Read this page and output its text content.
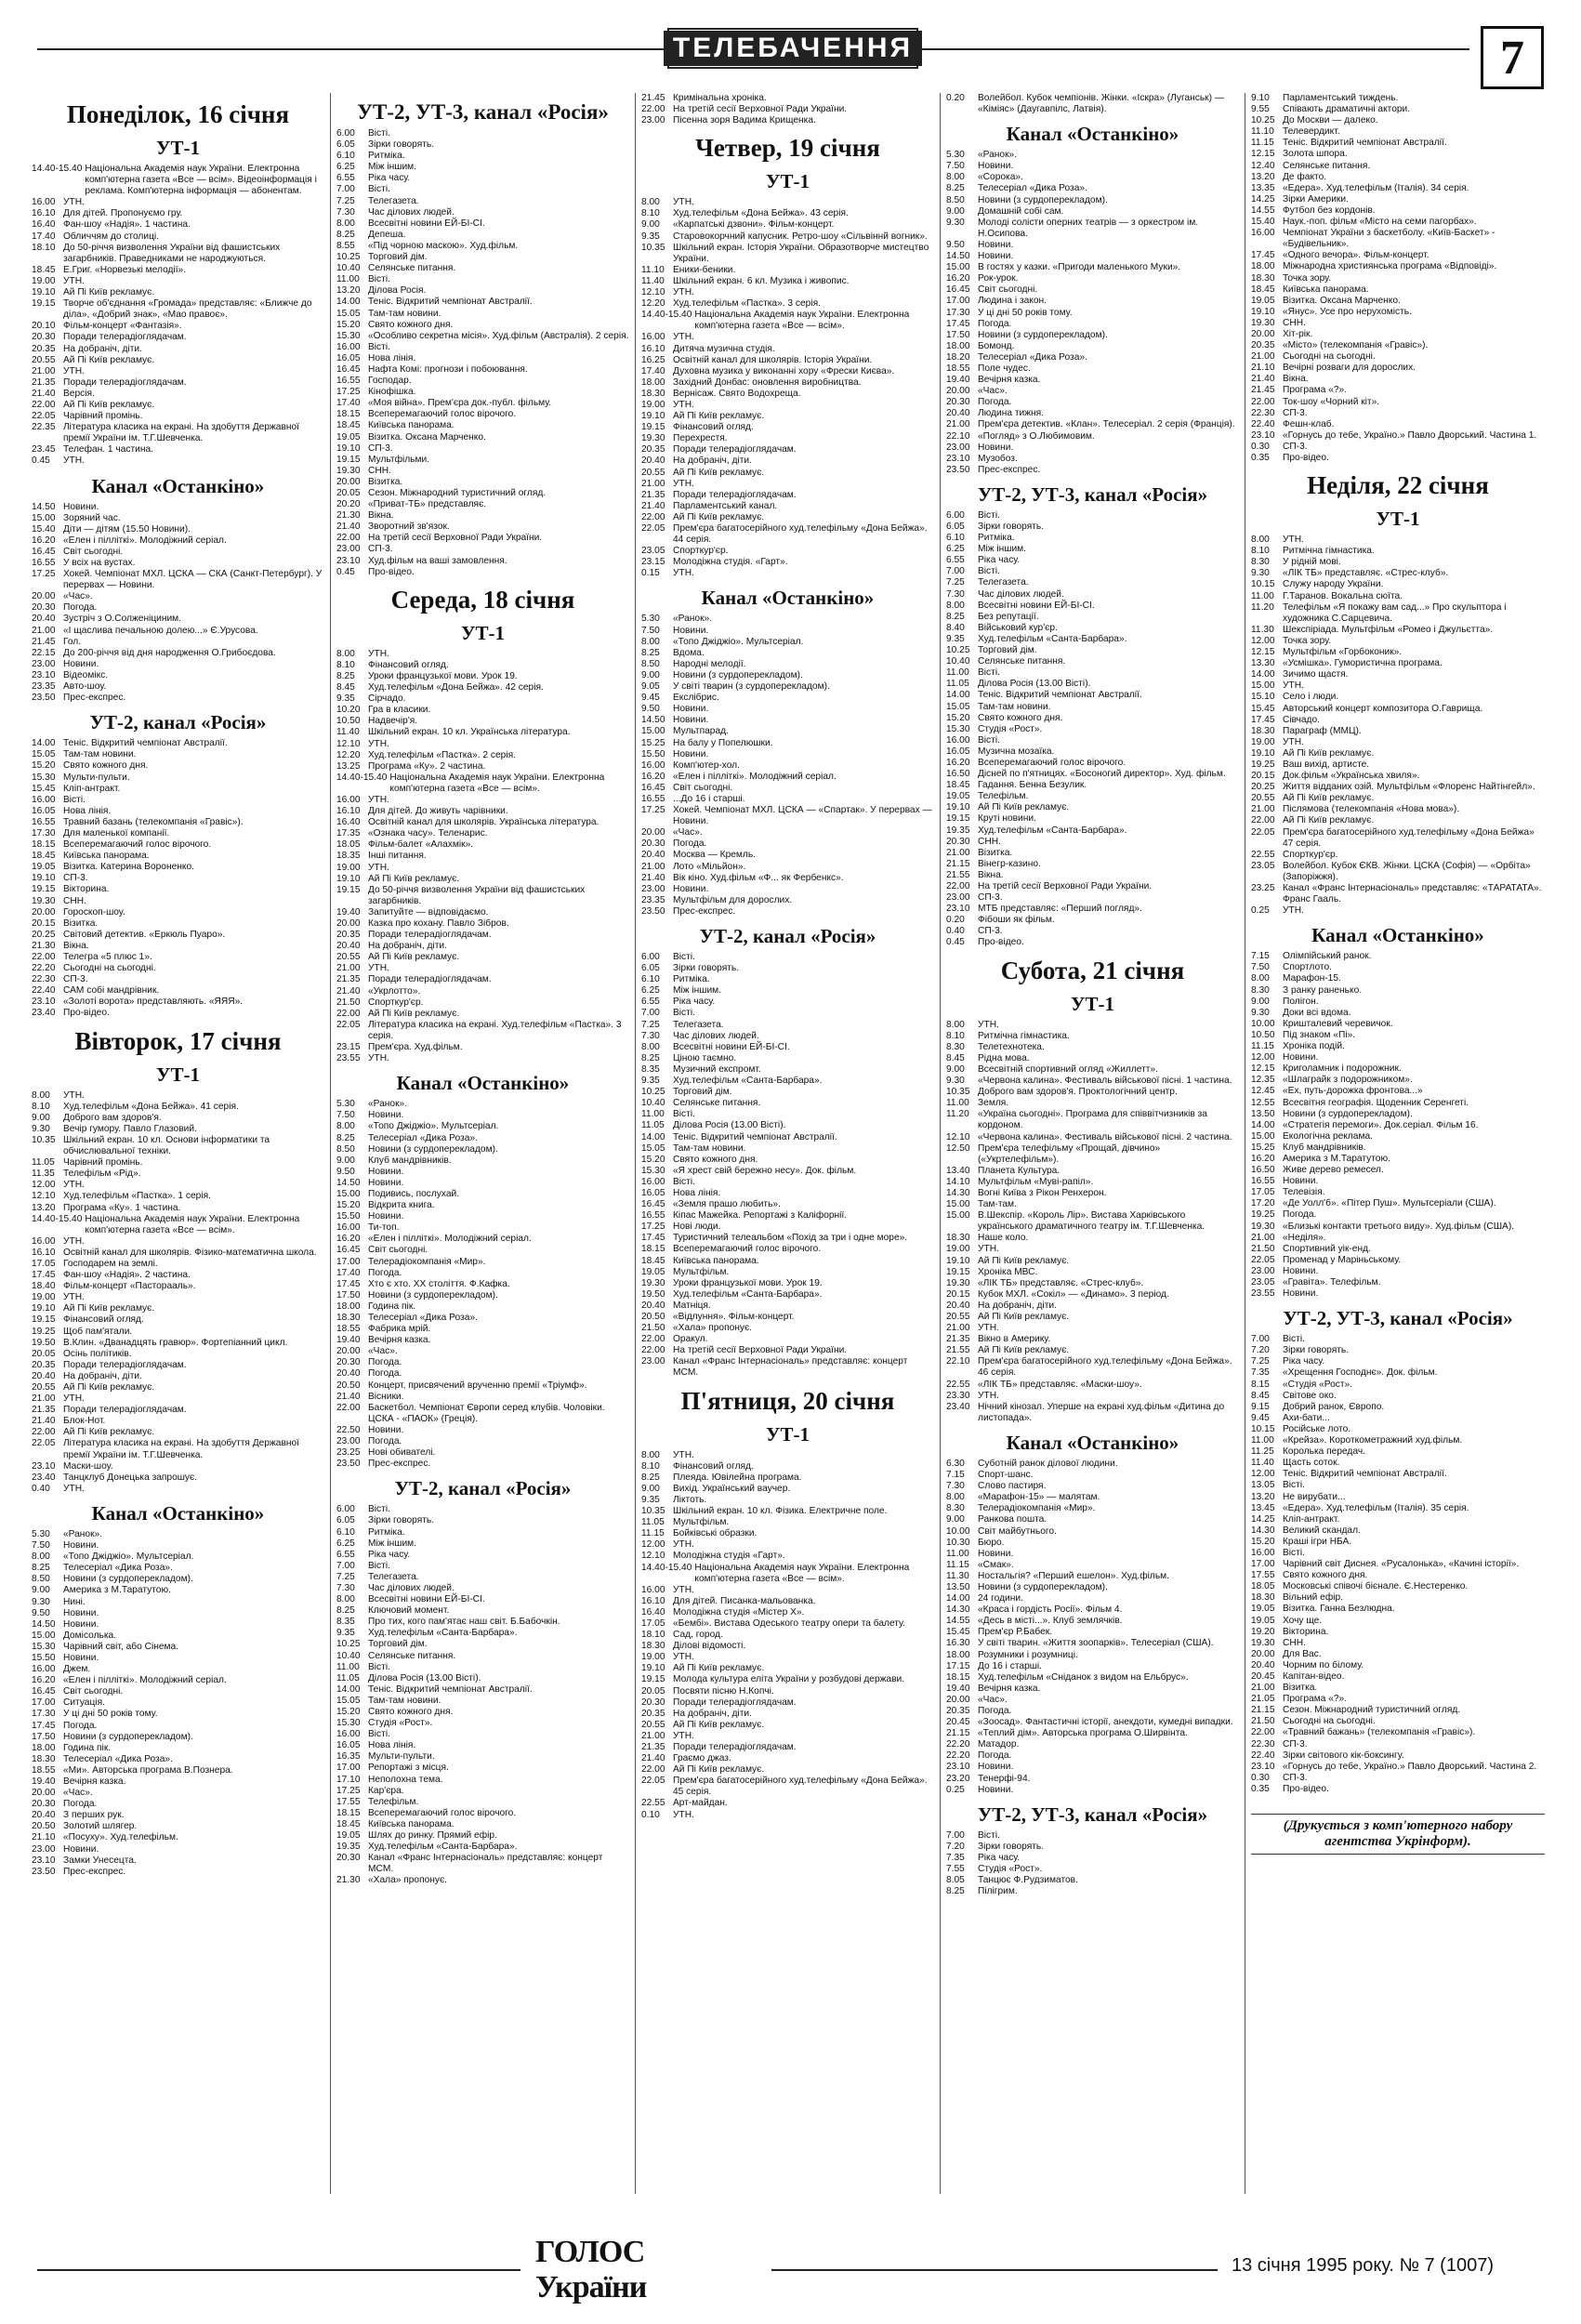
ТЕЛЕБАЧЕННЯ	7
Понеділок, 16 січня
УТ-1
14.40-15.40 Національна Академія наук України. Електронна комп'ютерна газета «Все — всім». Відеоінформація і реклама. Комп'ютерна інформація — абонентам.
16.00 УТН.
16.10 Для дітей. Пропонуємо гру.
16.40 Фан-шоу «Надія». 1 частина.
17.40 Обличчям до столиці.
18.10 До 50-річчя визволення України від фашистських загарбників. Праведниками не народжуються.
18.45 Е.Григ. «Норвезькі мелодії».
19.00 УТН.
19.10 Ай Пі Київ рекламує.
19.15 Творче об'єднання «Громада» представляє: «Ближче до діла», «Добрий знак», «Мао правоє».
20.10 Фільм-концерт «Фантазія».
20.30 Поради телерадіоглядачам.
20.35 На добраніч, діти.
20.55 Ай Пі Київ рекламує.
21.00 УТН.
21.35 Поради телерадіоглядачам.
21.40 Версія.
22.00 Ай Пі Київ рекламує.
22.05 Чарівний промінь.
22.35 Література класика на екрані. На здобуття Державної премії України ім. Т.Г.Шевченка.
23.45 Телефан. 1 частина.
0.45	УТН.
Канал «Останкіно»
14.50 Новини.
15.00 Зоряний час.
15.40 Діти — дітям (15.50 Новини).
16.20 «Елен і пілліткі». Молодіжний серіал.
16.45 Світ сьогодні.
16.55 У всіх на вустах.
17.25 Хокей. Чемпіонат МХЛ. ЦСКА — СКА (Санкт-Петербург). У перервах — Новини.
20.00 «Час».
20.30 Погода.
20.40 Зустріч з О.Солженіциним.
21.00 «І щаслива печальною долею...» Є.Урусова.
21.45 Гол.
22.15 До 200-річчя від дня народження О.Грибоєдова.
23.00 Новини.
23.10 Відеомікс.
23.35 Авто-шоу.
23.50 Прес-експрес.
УТ-2, канал «Росія»
14.00 Теніс. Відкритий чемпіонат Австралії.
15.05 Там-там новини.
15.20 Свято кожного дня.
15.30 Мульти-пульти.
15.45 Кліп-антракт.
16.00 Вісті.
16.05 Нова лінія.
16.55 Травний базань (телекомпанія «Гравіс»).
17.30 Для маленької компанії.
18.15 Всеперемагаючий голос вірочого.
18.45 Київська панорама.
19.05 Візитка. Катерина Вороненко.
19.10 СП-3.
19.15 Вікторина.
19.30 СНН.
20.00 Гороскоп-шоу.
20.15 Візитка.
20.25 Світовий детектив. «Еркюль Пуаро».
21.30 Вікна.
22.00 Телегра «5 плюс 1».
22.20 Сьогодні на сьогодні.
22.30 СП-3.
22.40 САМ собі мандрівник.
23.10 «Золоті ворота» представляють. «ЯЯЯ».
23.40 Про-відео.
Вівторок, 17 січня
УТ-1
8.00	УТН.
8.10	Худ.телефільм «Дона Бейжа». 41 серія.
9.00	Доброго вам здоров'я.
9.30	Вечір гумору. Павло Глазовий.
10.35 Шкільний екран. 10 кл. Основи інформатики та обчислювальної техніки.
11.05 Чарівний промінь.
11.35 Телефільм «Рід».
12.00 УТН.
12.10 Худ.телефільм «Пастка». 1 серія.
13.20 Програма «Ку». 1 частина.
14.40-15.40 Національна Академія наук України. Електронна комп'ютерна газета «Все — всім».
16.00 УТН.
16.10 Освітній канал для школярів. Фізико-математична школа.
17.05 Господарем на землі.
17.45 Фан-шоу «Надія». 2 частина.
18.40 Фільм-концерт «Пасторааль».
19.00 УТН.
19.10 Ай Пі Київ рекламує.
19.15 Фінансовий огляд.
19.25 Щоб пам'ятали.
19.50 В.Клин. «Дванадцять гравюр». Фортепіанний цикл.
20.05 Осінь політиків.
20.35 Поради телерадіоглядачам.
20.40 На добраніч, діти.
20.55 Ай Пі Київ рекламує.
21.00 УТН.
21.35 Поради телерадіоглядачам.
21.40 Блок-Нот.
22.00 Ай Пі Київ рекламує.
22.05 Література класика на екрані. На здобуття Державної премії України ім. Т.Г.Шевченка.
23.10 Маски-шоу.
23.40 Танцклуб Донецька запрошує.
0.40	УТН.
Канал «Останкіно»
5.30	«Ранок».
7.50	Новини.
8.00	«Топо Джіджіо». Мультсеріал.
8.25	Телесеріал «Дика Роза».
8.50	Новини (з сурдоперекладом).
9.00	Америка з М.Таратутою.
9.30	Нині.
9.50	Новини.
14.50 Новини.
15.00 Домісолька.
15.30 Чарівний світ, або Сінема.
15.50 Новини.
16.00 Джем.
16.20 «Елен і пілліткі». Молодіжний серіал.
16.45 Світ сьогодні.
17.00 Ситуація.
17.30 У ці дні 50 років тому.
17.45 Погода.
17.50 Новини (з сурдоперекладом).
18.00 Година пік.
18.30 Телесеріал «Дика Роза».
18.55 «Ми». Авторська програма В.Познера.
19.40 Вечірня казка.
20.00 «Час».
20.30 Погода.
20.40 З перших рук.
20.50 Золотий шлягер.
21.10 «Посуху». Худ.телефільм.
23.00 Новини.
23.10 Замки Унесецта.
23.50 Прес-експрес.
УТ-2, УТ-3, канал «Росія»
6.00	Вісті.
6.05	Зірки говорять.
6.10	Ритміка.
6.25	Між іншим.
6.55	Ріка часу.
7.00	Вісті.
7.25	Телегазета.
7.30	Час ділових людей.
8.00	Всесвітні новини ЕЙ-БІ-СІ.
8.25	Депеша.
8.55	«Під чорною маскою». Худ.фільм.
10.25 Торговий дім.
10.40 Селянське питання.
11.00 Вісті.
13.20 Ділова Росія.
14.00 Теніс. Відкритий чемпіонат Австралії.
15.05 Там-там новини.
15.20 Свято кожного дня.
15.30 «Особливо секретна місія». Худ.фільм (Австралія). 2 серія.
16.00 Вісті.
16.05 Нова лінія.
16.45 Нафта Комі: прогнози і побоювання.
16.55 Господар.
17.25 Кінофішка.
17.40 «Моя війна». Прем'єра док.-публ. фільму.
18.15 Всеперемагаючий голос вірочого.
18.45 Київська панорама.
19.05 Візитка. Оксана Марченко.
19.10 СП-3.
19.15 Мультфільми.
19.30 СНН.
20.00 Візитка.
20.05 Сезон. Міжнародний туристичний огляд.
20.20 «Приват-ТБ» представляє.
21.30 Вікна.
21.40 Зворотний зв'язок.
22.00 На третій сесії Верховної Ради України.
23.00 СП-3.
23.10 Худ.фільм на ваші замовлення.
0.45	Про-відео.
Середа, 18 січня
УТ-1
8.00	УТН.
8.10	Фінансовий огляд.
8.25	Уроки французької мови. Урок 19.
8.45	Худ.телефільм «Дона Бейжа». 42 серія.
9.35	Сірчадо.
10.20 Гра в класики.
10.50 Надвечір'я.
11.40 Шкільний екран. 10 кл. Українська література.
12.10 УТН.
12.20 Худ.телефільм «Пастка». 2 серія.
13.25 Програма «Ку». 2 частина.
14.40-15.40 Національна Академія наук України. Електронна комп'ютерна газета «Все — всім».
16.00 УТН.
16.10 Для дітей. До живуть чарівники.
16.40 Освітній канал для школярів. Українська література.
17.35 «Ознака часу». Теленарис.
18.05 Фільм-балет «Алахмік».
18.35 Інші питання.
19.00 УТН.
19.10 Ай Пі Київ рекламує.
19.15 До 50-річчя визволення України від фашистських загарбників.
19.40 Запитуйте — відповідаємо.
20.00 Казка про кохану. Павло Зібров.
20.35 Поради телерадіоглядачам.
20.40 На добраніч, діти.
20.55 Ай Пі Київ рекламує.
21.00 УТН.
21.35 Поради телерадіоглядачам.
21.40 «Укрлотто».
21.50 Спорткур'єр.
22.00 Ай Пі Київ рекламує.
22.05 Література класика на екрані. Худ.телефільм «Пастка». 3 серія.
23.15 Прем'єра. Худ.фільм.
23.55 УТН.
Канал «Останкіно»
5.30	«Ранок».
7.50	Новини.
8.00	«Топо Джіджіо». Мультсеріал.
8.25	Телесеріал «Дика Роза».
8.50	Новини (з сурдоперекладом).
9.00	Клуб мандрівників.
9.50	Новини.
14.50 Новини.
15.00 Подивись, послухай.
15.20 Відкрита книга.
15.50 Новини.
16.00 Ти-топ.
16.20 «Елен і пілліткі». Молодіжний серіал.
16.45 Світ сьогодні.
17.00 Телерадіокомпанія «Мир».
17.40 Погода.
17.45 Хто є хто. XX століття. Ф.Кафка.
17.50 Новини (з сурдоперекладом).
18.00 Година пік.
18.30 Телесеріал «Дика Роза».
18.55 Фабрика мрій.
19.40 Вечірня казка.
20.00 «Час».
20.30 Погода.
20.40 Погода.
20.50 Концерт, присвячений врученню премії «Тріумф».
21.40 Вісники.
22.00 Баскетбол. Чемпіонат Європи серед клубів. Чоловіки. ЦСКА - «ПАОК» (Греція).
22.50 Новини.
23.00 Погода.
23.25 Нові обивателі.
23.50 Прес-експрес.
УТ-2, канал «Росія»
6.00	Вісті.
6.05	Зірки говорять.
6.10	Ритміка.
6.25	Між іншим.
6.55	Ріка часу.
7.00	Вісті.
7.25	Телегазета.
7.30	Час ділових людей.
8.00	Всесвітні новини ЕЙ-БІ-СІ.
8.25	Ключовий момент.
8.35	Про тих, кого пам'ятає наш світ. Б.Бабочкін.
9.35	Худ.телефільм «Санта-Барбара».
10.25 Торговий дім.
10.40 Селянське питання.
11.00 Вісті.
11.05 Ділова Росія (13.00 Вісті).
14.00 Теніс. Відкритий чемпіонат Австралії.
15.05 Там-там новини.
15.20 Свято кожного дня.
15.30 Студія «Рост».
16.00 Вісті.
16.05 Нова лінія.
16.35 Мульти-пульти.
17.00 Репортажі з місця.
17.10 Неполохна тема.
17.25 Кар'єра.
17.55 Телефільм.
18.15 Всеперемагаючий голос вірочого.
18.45 Київська панорама.
19.05 Шлях до ринку. Прямий ефір.
19.35 Худ.телефільм «Санта-Барбара».
20.30 Канал «Франс Інтернасіональ» представляє: концерт MCM.
21.30 «Хала» пропонує.
21.45 Кримінальна хроніка.
22.00 На третій сесії Верховної Ради України.
23.00 Пісенна зоря Вадима Крищенка.
Четвер, 19 січня
УТ-1
8.00	УТН.
8.10	Худ.телефільм «Дона Бейжа». 43 серія.
9.00	«Карпатські дзвони». Фільм-концерт.
9.35	Старовокорчний капусник. Ретро-шоу «Сільвіннй вогник».
10.35 Шкільний екран. Історія України. Образотворче мистецтво України.
11.10 Еники-беники.
11.40 Шкільний екран. 6 кл. Музика і живопис.
12.10 УТН.
12.20 Худ.телефільм «Пастка». 3 серія.
14.40-15.40 Національна Академія наук України. Електронна комп'ютерна газета «Все — всім».
16.00 УТН.
16.10 Дитяча музична студія.
16.25 Освітній канал для школярів. Історія України.
17.40 Духовна музика у виконанні хору «Фрески Києва».
18.00 Західний Донбас: оновлення виробництва.
18.30 Вернісаж. Свято Водохреща.
19.00 УТН.
19.10 Ай Пі Київ рекламує.
19.15 Фінансовий огляд.
19.30 Перехрестя.
20.35 Поради телерадіоглядачам.
20.40 На добраніч, діти.
20.55 Ай Пі Київ рекламує.
21.00 УТН.
21.35 Поради телерадіоглядачам.
21.40 Парламентський канал.
22.00 Ай Пі Київ рекламує.
22.05 Прем'єра багатосерійного худ.телефільму «Дона Бейжа». 44 серія.
23.05 Спорткур'єр.
23.15 Молодіжна студія. «Гарт».
0.15	УТН.
Канал «Останкіно»
5.30	«Ранок».
7.50	Новини.
8.00	«Топо Джіджіо». Мультсеріал.
8.25	Вдома.
8.50	Народні мелодії.
9.00	Новини (з сурдоперекладом).
9.05	У світі тварин (з сурдоперекладом).
9.45	Екслібрис.
9.50	Новини.
14.50 Новини.
15.00 Мультпарад.
15.25 На балу у Попелюшки.
15.50 Новини.
16.00 Комп'ютер-хол.
16.20 «Елен і пілліткі». Молодіжний серіал.
16.45 Світ сьогодні.
16.55 ...До 16 і старші.
17.25 Хокей. Чемпіонат МХЛ. ЦСКА — «Спартак». У перервах — Новини.
20.00 «Час».
20.30 Погода.
20.40 Москва — Кремль.
21.00 Лото «Мільйон».
21.40 Вік кіно. Худ.фільм «Ф... як Фербенкс».
23.00 Новини.
23.35 Мультфільм для дорослих.
23.50 Прес-експрес.
УТ-2, канал «Росія»
6.00	Вісті.
6.05	Зірки говорять.
6.10	Ритміка.
6.25	Між іншим.
6.55	Ріка часу.
7.00	Вісті.
7.25	Телегазета.
7.30	Час ділових людей.
8.00	Всесвітні новини ЕЙ-БІ-СІ.
8.25	Ціною таємно.
8.35	Музичний експромт.
9.35	Худ.телефільм «Санта-Барбара».
10.25 Торговий дім.
10.40 Селянське питання.
11.00 Вісті.
11.05 Ділова Росія (13.00 Вісті).
14.00 Теніс. Відкритий чемпіонат Австралії.
15.05 Там-там новини.
15.20 Свято кожного дня.
15.30 «Я хрест свій бережно несу». Док. фільм.
16.00 Вісті.
16.05 Нова лінія.
16.45 «Земля прашо любить».
16.55 Кіпас Мажейка. Репортажі з Каліфорнії.
17.25 Нові люди.
17.45 Туристичний телеальбом «Похід за три і одне море».
18.15 Всеперемагаючий голос вірочого.
18.45 Київська панорама.
19.05 Мультфільм.
19.30 Уроки французької мови. Урок 19.
19.50 Худ.телефільм «Санта-Барбара».
20.40 Матніця.
20.50 «Відлуння». Фільм-концерт.
21.50 «Хала» пропонує.
22.00 Оракул.
22.00 На третій сесії Верховної Ради України.
23.00 Канал «Франс Інтернасіональ» представляє: концерт MCM.
П'ятниця, 20 січня
УТ-1
8.00	УТН.
8.10	Фінансовий огляд.
8.25	Плеяда. Ювілейна програма.
9.00	Вихід. Український ваучер.
9.35	Ліктоть.
10.35 Шкільний екран. 10 кл. Фізика. Електричне поле.
11.05 Мультфільм.
11.15 Бойківські образки.
12.00 УТН.
12.10 Молодіжна студія «Гарт».
14.40-15.40 Національна Академія наук України. Електронна комп'ютерна газета «Все — всім».
16.00 УТН.
16.10 Для дітей. Писанка-мальованка.
16.40 Молодіжна студія «Містер Х».
17.05 «Бембі». Вистава Одеського театру опери та балету.
18.10 Сад, город.
18.30 Ділові відомості.
19.00 УТН.
19.10 Ай Пі Київ рекламує.
19.15 Молода культура еліта України у розбудові держави.
20.05 Посвяти пісню Н.Копчі.
20.30 Поради телерадіоглядачам.
20.35 На добраніч, діти.
20.55 Ай Пі Київ рекламує.
21.00 УТН.
21.35 Поради телерадіоглядачам.
21.40 Граємо джаз.
22.00 Ай Пі Київ рекламує.
22.05 Прем'єра багатосерійного худ.телефільму «Дона Бейжа». 45 серія.
22.55 Арт-майдан.
0.10	УТН.
0.20	Волейбол. Кубок чемпіонів. Жінки. «Іскра» (Луганськ) — «Кіміяс» (Даугавпілс, Латвія).
Канал «Останкіно»
5.30	«Ранок».
7.50	Новини.
8.00	«Сорока».
8.25	Телесеріал «Дика Роза».
8.50	Новини (з сурдоперекладом).
9.00	Домашній собі сам.
9.30	Молоді солісти оперних театрів — з оркестром ім. Н.Осипова.
9.50	Новини.
14.50 Новини.
15.00 В гостях у казки. «Пригоди маленького Муки».
16.20 Рок-урок.
16.45 Світ сьогодні.
17.00 Людина і закон.
17.30 У ці дні 50 років тому.
17.45 Погода.
17.50 Новини (з сурдоперекладом).
18.00 Бомонд.
18.20 Телесеріал «Дика Роза».
18.55 Поле чудес.
19.40 Вечірня казка.
20.00 «Час».
20.30 Погода.
20.40 Людина тижня.
21.00 Прем'єра детектив. «Клан». Телесеріал. 2 серія (Франція).
22.10 «Погляд» з О.Любимовим.
23.00 Новини.
23.10 Музобоз.
23.50 Прес-експрес.
УТ-2, УТ-3, канал «Росія»
6.00	Вісті.
6.05	Зірки говорять.
6.10	Ритміка.
6.25	Між іншим.
6.55	Ріка часу.
7.00	Вісті.
7.25	Телегазета.
7.30	Час ділових людей.
8.00	Всесвітні новини ЕЙ-БІ-СІ.
8.25	Без репутації.
8.40	Військовий кур'єр.
9.35	Худ.телефільм «Санта-Барбара».
10.25 Торговий дім.
10.40 Селянське питання.
11.00 Вісті.
11.05 Ділова Росія (13.00 Вісті).
14.00 Теніс. Відкритий чемпіонат Австралії.
15.05 Там-там новини.
15.20 Свято кожного дня.
15.30 Студія «Рост».
16.00 Вісті.
16.05 Музична мозаїка.
16.20 Всеперемагаючий голос вірочого.
16.50 Дісней по п'ятницях. «Босоногий директор». Худ. фільм.
18.45 Гадання. Бенна Безулик.
19.05 Телефільм.
19.10 Ай Пі Київ рекламує.
19.15 Круті новини.
19.35 Худ.телефільм «Санта-Барбара».
20.30 СНН.
21.00 Візитка.
21.15 Вінегр-казино.
21.55 Вікна.
22.00 На третій сесії Верховної Ради України.
23.00 СП-3.
23.10 МТБ представляє: «Перший погляд».
0.20	Фібоши як фільм.
0.40	СП-3.
0.45	Про-відео.
Субота, 21 січня
УТ-1
8.00	УТН.
8.10	Ритмічна гімнастика.
8.30	Телетехнотека.
8.45	Рідна мова.
9.00	Всесвітній спортивний огляд «Жиллетт».
9.30	«Червона калина». Фестиваль військової пісні. 1 частина.
10.35 Доброго вам здоров'я. Проктологічний центр.
11.00 Земля.
11.20 «Україна сьогодні». Програма для співвітчизників за кордоном.
12.10 «Червона калина». Фестиваль військової пісні. 2 частина.
12.50 Прем'єра телефільму «Прощай, дівчино» («Укртелефільм»).
13.40 Планета Культура.
14.10 Мультфільм «Муві-рапіл».
14.30 Вогні Київа з Рікон Ренхерон.
15.00 Там-там.
15.00 В.Шекспір. «Король Лір». Вистава Харківського українського драматичного театру ім. Т.Г.Шевченка.
18.30 Наше коло.
19.00 УТН.
19.10 Ай Пі Київ рекламує.
19.15 Хроніка МВС.
19.30 «ЛІК ТБ» представляє. «Стрес-клуб».
20.15 Кубок МХЛ. «Сокіл» — «Динамо». 3 період.
20.40 На добраніч, діти.
20.55 Ай Пі Київ рекламує.
21.00 УТН.
21.35 Вікно в Америку.
21.55 Ай Пі Київ рекламує.
22.10 Прем'єра багатосерійного худ.телефільму «Дона Бейжа». 46 серія.
22.55 «ЛІК ТБ» представляє. «Маски-шоу».
23.30 УТН.
23.40 Нічний кінозал. Уперше на екрані худ.фільм «Дитина до листопада».
Канал «Останкіно»
6.30	Суботній ранок ділової людини.
7.15	Спорт-шанс.
7.30	Слово пастиря.
8.00	«Марафон-15» — малятам.
8.30	Телерадіокомпанія «Мир».
9.00	Ранкова пошта.
10.00 Світ майбутнього.
10.30 Бюро.
11.00 Новини.
11.15 «Смак».
11.30 Ностальгія? «Перший ешелон». Худ.фільм.
13.50 Новини (з сурдоперекладом).
14.00 24 години.
14.30 «Краса і гордість Росії». Фільм 4.
14.55 «Десь в місті...». Клуб землячків.
15.45 Прем'єр Р.Бабек.
16.30 У світі тварин. «Життя зоопарків». Телесеріал (США).
18.00 Розумники і розумниці.
17.15 До 16 і старші.
18.15 Худ.телефільм «Сніданок з видом на Ельбрус».
19.40 Вечірня казка.
20.00 «Час».
20.35 Погода.
20.45 «Зоосад». Фантастичні історії, анекдоти, кумедні випадки.
21.15 «Теплий дім». Авторська програма О.Ширвінта.
22.20 Матадор.
22.20 Погода.
23.10 Новини.
23.20 Тенерфі-94.
0.25	Новини.
УТ-2, УТ-3, канал «Росія»
7.00	Вісті.
7.20	Зірки говорять.
7.35	Ріка часу.
7.55	Студія «Рост».
8.05	Танцює Ф.Рудзиматов.
8.25	Пілігрим.
9.10	Парламентський тиждень.
9.55	Співають драматичні актори.
10.25 До Москви — далеко.
11.10 Телевердикт.
11.15 Теніс. Відкритий чемпіонат Австралії.
12.15 Золота шпора.
12.40 Селянське питання.
13.20 Де факто.
13.35 «Едера». Худ.телефільм (Італія). 34 серія.
14.25 Зірки Америки.
14.55 Футбол без кордонів.
15.40 Наук.-поп. фільм «Місто на семи пагорбах».
16.00 Чемпіонат України з баскетболу. «Київ-Баскет» - «Будівельник».
17.45 «Одного вечора». Фільм-концерт.
18.00 Міжнародна християнська програма «Відповіді».
18.30 Точка зору.
18.45 Київська панорама.
19.05 Візитка. Оксана Марченко.
19.10 «Янус». Усе про нерухомість.
19.30 СНН.
20.00 Хіт-рік.
20.35 «Місто» (телекомпанія «Гравіс»).
21.00 Сьогодні на сьогодні.
21.10 Вечірні розваги для дорослих.
21.40 Вікна.
21.45 Програма «?».
22.00 Ток-шоу «Чорний кіт».
22.30 СП-3.
22.40 Фешн-клаб.
23.10 «Горнусь до тебе, Україно.» Павло Дворський. Частина 1.
0.30	СП-3.
0.35	Про-відео.
Неділя, 22 січня
УТ-1
8.00	УТН.
8.10	Ритмічна гімнастика.
8.30	У рідній мові.
9.30	«ЛІК ТБ» представляє. «Стрес-клуб».
10.15 Служу народу України.
11.00 Г.Таранов. Вокальна сюїта.
11.20 Телефільм «Я покажу вам сад...» Про скульптора і художника С.Сарцевича.
11.30 Шекспіріада. Мультфільм «Ромео і Джульєтта».
12.00 Точка зору.
12.15 Мультфільм «Горбоконик».
13.30 «Усмішка». Гумористична програма.
14.00 Зичимо щастя.
15.00 УТН.
15.10 Село і люди.
15.45 Авторський концерт композитора О.Гаврища.
17.45 Сівчадо.
18.30 Параграф (ММЦ).
19.00 УТН.
19.10 Ай Пі Київ рекламує.
19.25 Ваш вихід, артисте.
20.15 Док.фільм «Українська хвиля».
20.25 Життя відданих озій. Мультфільм «Флоренс Найтінгейл».
20.55 Ай Пі Київ рекламує.
21.00 Післямова (телекомпанія «Нова мова»).
22.00 Ай Пі Київ рекламує.
22.05 Прем'єра багатосерійного худ.телефільму «Дона Бейжа» 47 серія.
22.55 Спорткур'єр.
23.05 Волейбол. Кубок ЄКВ. Жінки. ЦСКА (Софія) — «Орбіта» (Запоріжжя).
23.25 Канал «Франс Інтернасіональ» представляє: «ТАРАТАТА». Франс Гааль.
0.25	УТН.
Канал «Останкіно»
7.15	Олімпійський ранок.
7.50	Спортлото.
8.00	Марафон-15.
8.30	З ранку раненько.
9.00	Полігон.
9.30	Доки всі вдома.
10.00 Кришталевий черевичок.
10.50 Під знаком «Пі».
11.15 Хроніка подій.
12.00 Новини.
12.15 Криголамник і подорожник.
12.35 «Шлаграйк з подорожником».
12.45 «Ех, путь-дорожка фронтова...»
12.55 Всесвітня географія. Щоденник Серенгеті.
13.50 Новини (з сурдоперекладом).
14.00 «Стратегія перемоги». Док.серіал. Фільм 16.
15.00 Екологічна реклама.
15.25 Клуб мандрівників.
16.20 Америка з М.Таратутою.
16.50 Живе дерево ремесел.
16.55 Новини.
17.05 Телевізія.
17.20 «Де Уолл'б». «Пітер Пуш». Мультсеріали (США).
19.25 Погода.
19.30 «Близькі контакти третього виду». Худ.фільм (США).
21.00 «Неділя».
21.50 Спортивний уік-енд.
22.05 Променад у Маріньському.
23.00 Новини.
23.05 «Гравіта». Телефільм.
23.55 Новини.
УТ-2, УТ-3, канал «Росія»
7.00	Вісті.
7.20	Зірки говорять.
7.25	Ріка часу.
7.35	«Хрещення Господнє». Док. фільм.
8.15	«Студія «Рост».
8.45	Світове око.
9.15	Добрий ранок, Європо.
9.45	Ахи-бати...
10.15 Російське лото.
11.00 «Крейза». Короткометражний худ.фільм.
11.25 Королька передач.
11.40 Щасть соток.
12.00 Теніс. Відкритий чемпіонат Австралії.
13.05 Вісті.
13.20 Не вирубати...
13.45 «Едера». Худ.телефільм (Італія). 35 серія.
14.25 Кліп-антракт.
14.30 Великий скандал.
15.20 Краші ігри НБА.
16.00 Вісті.
17.00 Чарівний світ Диснея. «Русалонька», «Качині історії».
17.55 Свято кожного дня.
18.05 Московські співочі бієнале. Є.Нестеренко.
18.30 Вільний ефір.
19.05 Візитка. Ганна Безлюдна.
19.05 Хочу ще.
19.20 Вікторина.
19.30 СНН.
20.00 Для Вас.
20.40 Чорним по білому.
20.45 Капітан-відео.
21.00 Візитка.
21.05 Програма «?».
21.15 Сезон. Міжнародний туристичний огляд.
21.50 Сьогодні на сьогодні.
22.00 «Травний бажань» (телекомпанія «Гравіс»).
22.30 СП-3.
22.40 Зірки світового кік-боксингу.
23.10 «Горнусь до тебе, Україно.» Павло Дворський. Частина 2.
0.30	СП-3.
0.35	Про-відео.
(Друкується з комп'ютерного набору агентства Укрінформ).
ГОЛОС України
13 січня 1995 року. № 7 (1007)
